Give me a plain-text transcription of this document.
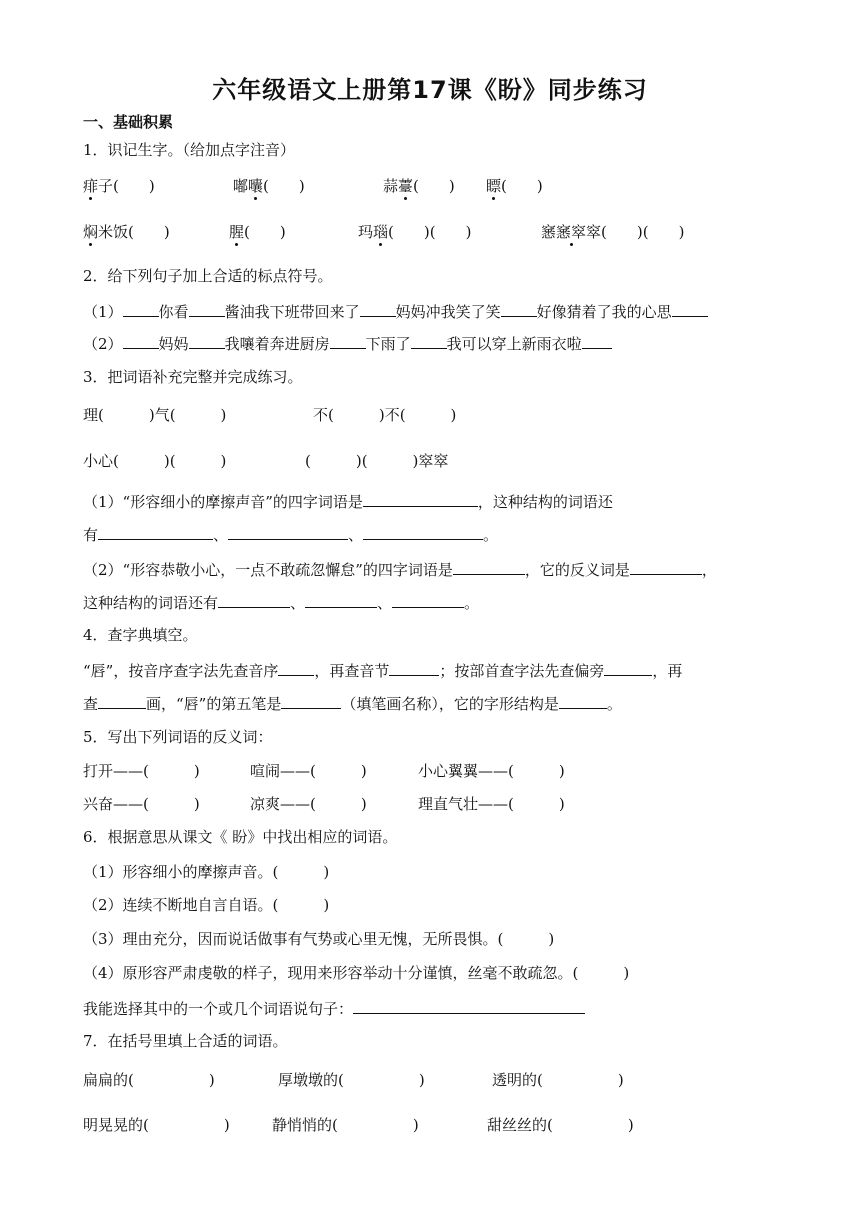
六年级语文上册第17课《盼》同步练习
一、基础积累
1．识记生字。（给加点字注音）
痱子(　　)	嘟囔(　　)	蒜薹(　　) 瞟(　　)
焖米饭(　　)	腥(　　)	玛瑙(　　)(　　)	窸窸窣窣(　　)(　　)
2．给下列句子加上合适的标点符号。
（1） 你看 酱油我下班带回来了 妈妈冲我笑了笑 好像猜着了我的心思
（2） 妈妈 我嚷着奔进厨房 下雨了 我可以穿上新雨衣啦
3．把词语补充完整并完成练习。
理(　　　)气(　　　)	不(　　　)不(　　　)
小心(　　　)(　　　)	(　　　)(　　　)窣窣
（1）“形容细小的摩擦声音”的四字词语是	，这种结构的词语还
有	、	、	。
（2）“形容恭敬小心，一点不敢疏忽懈怠”的四字词语是	，它的反义词是	，
这种结构的词语还有	、	、	。
4．查字典填空。
“唇”，按音序查字法先查音序 ，再查音节	；按部首查字法先查偏旁	，再
查	画，“唇”的第五笔是	（填笔画名称），它的字形结构是	。
5．写出下列词语的反义词：
打开——(　　　)	喧闹——(　　　)	小心翼翼——(　　　)
兴奋——(　　　)	凉爽——(　　　)	理直气壮——(　　　)
6．根据意思从课文《 盼》中找出相应的词语。
（1）形容细小的摩擦声音。(　　　)
（2）连续不断地自言自语。(　　　)
（3）理由充分，因而说话做事有气势或心里无愧，无所畏惧。(　　　)
（4）原形容严肃虔敬的样子，现用来形容举动十分谨慎，丝毫不敢疏忽。(　　　)
我能选择其中的一个或几个词语说句子：
7．在括号里填上合适的词语。
扁扁的(　　　　　)	厚墩墩的(　　　　　)	透明的(　　　　　)
明晃晃的(　　　　　)	静悄悄的(　　　　　)	甜丝丝的(　　　　　)
